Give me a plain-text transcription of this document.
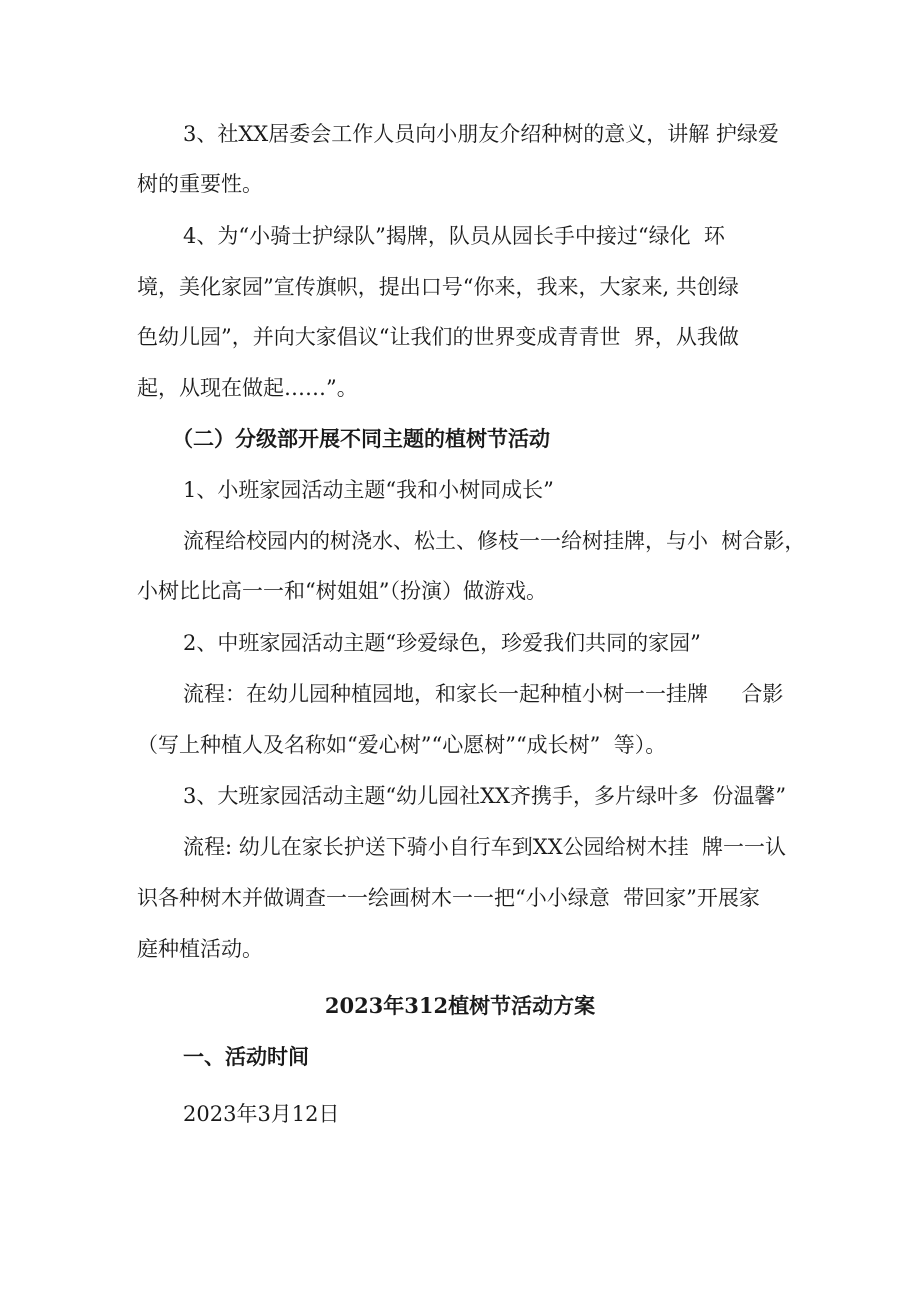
3、社XX居委会工作人员向小朋友介绍种树的意义，讲解 护绿爱
树的重要性。
4、为“小骑士护绿队”揭牌，队员从园长手中接过“绿化  环
境，美化家园”宣传旗帜，提出口号“你来，我来，大家来, 共创绿
色幼儿园”，并向大家倡议“让我们的世界变成青青世  界，从我做
起，从现在做起……”。
（二）分级部开展不同主题的植树节活动
1、小班家园活动主题“我和小树同成长”
流程给校园内的树浇水、松土、修枝一一给树挂牌，与小  树合影，
小树比比高一一和“树姐姐”（扮演）做游戏。
2、中班家园活动主题“珍爱绿色，珍爱我们共同的家园”
流程：在幼儿园种植园地，和家长一起种植小树一一挂牌     合影
（写上种植人及名称如“爱心树”“心愿树”“成长树”  等）。
3、大班家园活动主题“幼儿园社XX齐携手，多片绿叶多  份温馨”
流程: 幼儿在家长护送下骑小自行车到XX公园给树木挂  牌一一认
识各种树木并做调查一一绘画树木一一把“小小绿意  带回家”开展家
庭种植活动。
2023年312植树节活动方案
一、活动时间
2023年3月12日
